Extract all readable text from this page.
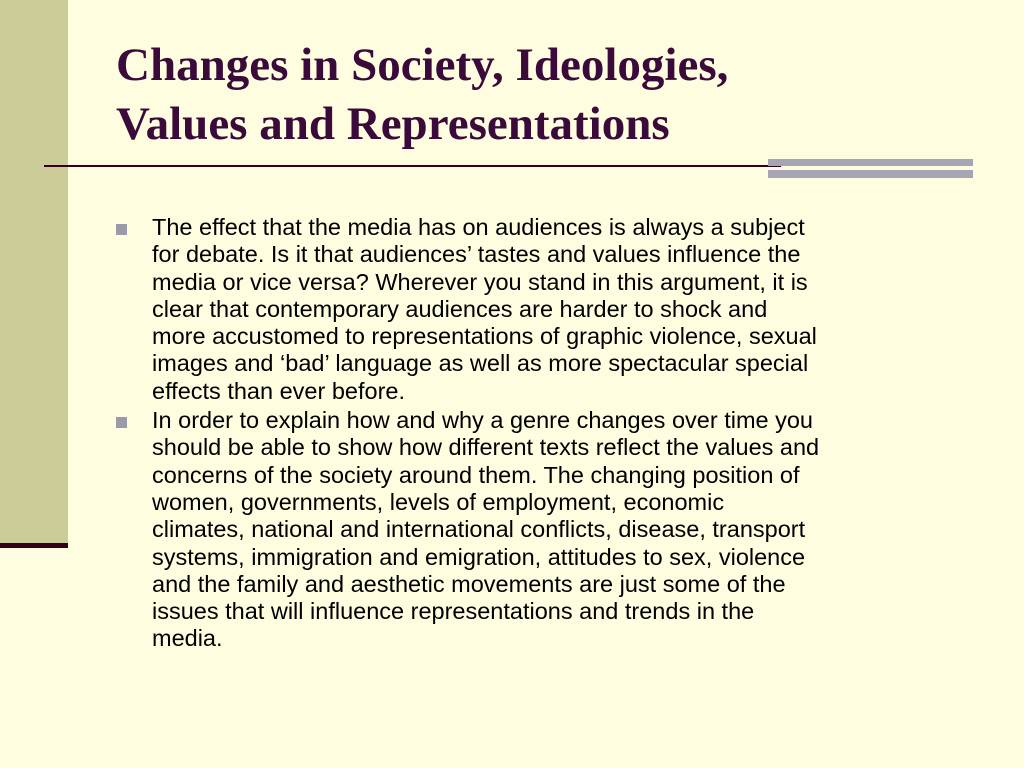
Changes in Society, Ideologies,
Values and Representations
The effect that the media has on audiences is always a subject
for debate. Is it that audiences’ tastes and values influence the
media or vice versa? Wherever you stand in this argument, it is
clear that contemporary audiences are harder to shock and
more accustomed to representations of graphic violence, sexual
images and ‘bad’ language as well as more spectacular special
effects than ever before.
In order to explain how and why a genre changes over time you
should be able to show how different texts reflect the values and
concerns of the society around them. The changing position of
women, governments, levels of employment, economic
climates, national and international conflicts, disease, transport
systems, immigration and emigration, attitudes to sex, violence
and the family and aesthetic movements are just some of the
issues that will influence representations and trends in the
media.
